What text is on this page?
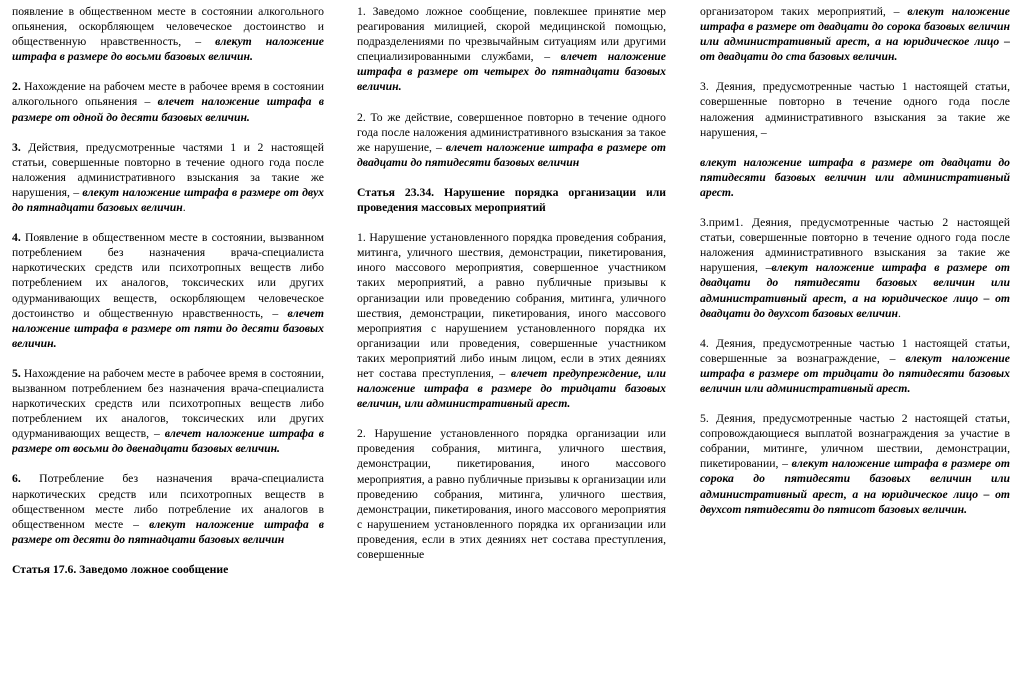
появление в общественном месте в состоянии алкогольного опьянения, оскорбляющем человеческое достоинство и общественную нравственность, – влекут наложение штрафа в размере до восьми базовых величин.

2. Нахождение на рабочем месте в рабочее время в состоянии алкогольного опьянения – влечет наложение штрафа в размере от одной до десяти базовых величин.

3. Действия, предусмотренные частями 1 и 2 настоящей статьи, совершенные повторно в течение одного года после наложения административного взыскания за такие же нарушения, – влекут наложение штрафа в размере от двух до пятнадцати базовых величин.

4. Появление в общественном месте в состоянии, вызванном потреблением без назначения врача-специалиста наркотических средств или психотропных веществ либо потреблением их аналогов, токсических или других одурманивающих веществ, оскорбляющем человеческое достоинство и общественную нравственность, – влечет наложение штрафа в размере от пяти до десяти базовых величин.

5. Нахождение на рабочем месте в рабочее время в состоянии, вызванном потреблением без назначения врача-специалиста наркотических средств или психотропных веществ либо потреблением их аналогов, токсических или других одурманивающих веществ, – влечет наложение штрафа в размере от восьми до двенадцати базовых величин.

6. Потребление без назначения врача-специалиста наркотических средств или психотропных веществ в общественном месте либо потребление их аналогов в общественном месте – влекут наложение штрафа в размере от десяти до пятнадцати базовых величин

Статья 17.6. Заведомо ложное сообщение

1. Заведомо ложное сообщение, повлекшее принятие мер реагирования милицией, скорой медицинской помощью, подразделениями по чрезвычайным ситуациям или другими специализированными службами, – влечет наложение штрафа в размере от четырех до пятнадцати базовых величин.

2. То же действие, совершенное повторно в течение одного года после наложения административного взыскания за такое же нарушение, – влечет наложение штрафа в размере от двадцати до пятидесяти базовых величин

Статья 23.34. Нарушение порядка организации или проведения массовых мероприятий

1. Нарушение установленного порядка проведения собрания, митинга, уличного шествия, демонстрации, пикетирования, иного массового мероприятия, совершенное участником таких мероприятий, а равно публичные призывы к организации или проведению собрания, митинга, уличного шествия, демонстрации, пикетирования, иного массового мероприятия с нарушением установленного порядка их организации или проведения, совершенные участником таких мероприятий либо иным лицом, если в этих деяниях нет состава преступления, – влечет предупреждение, или наложение штрафа в размере до тридцати базовых величин, или административный арест.

2. Нарушение установленного порядка организации или проведения собрания, митинга, уличного шествия, демонстрации, пикетирования, иного массового мероприятия, а равно публичные призывы к организации или проведению собрания, митинга, уличного шествия, демонстрации, пикетирования, иного массового мероприятия с нарушением установленного порядка их организации или проведения, если в этих деяниях нет состава преступления, совершенные

организатором таких мероприятий, – влекут наложение штрафа в размере от двадцати до сорока базовых величин или административный арест, а на юридическое лицо – от двадцати до ста базовых величин.

3. Деяния, предусмотренные частью 1 настоящей статьи, совершенные повторно в течение одного года после наложения административного взыскания за такие же нарушения, –

влекут наложение штрафа в размере от двадцати до пятидесяти базовых величин или административный арест.

3.прим1. Деяния, предусмотренные частью 2 настоящей статьи, совершенные повторно в течение одного года после наложения административного взыскания за такие же нарушения, –влекут наложение штрафа в размере от двадцати до пятидесяти базовых величин или административный арест, а на юридическое лицо – от двадцати до двухсот базовых величин.

4. Деяния, предусмотренные частью 1 настоящей статьи, совершенные за вознаграждение, – влекут наложение штрафа в размере от тридцати до пятидесяти базовых величин или административный арест.

5. Деяния, предусмотренные частью 2 настоящей статьи, сопровождающиеся выплатой вознаграждения за участие в собрании, митинге, уличном шествии, демонстрации, пикетировании, – влекут наложение штрафа в размере от сорока до пятидесяти базовых величин или административный арест, а на юридическое лицо – от двухсот пятидесяти до пятисот базовых величин.
